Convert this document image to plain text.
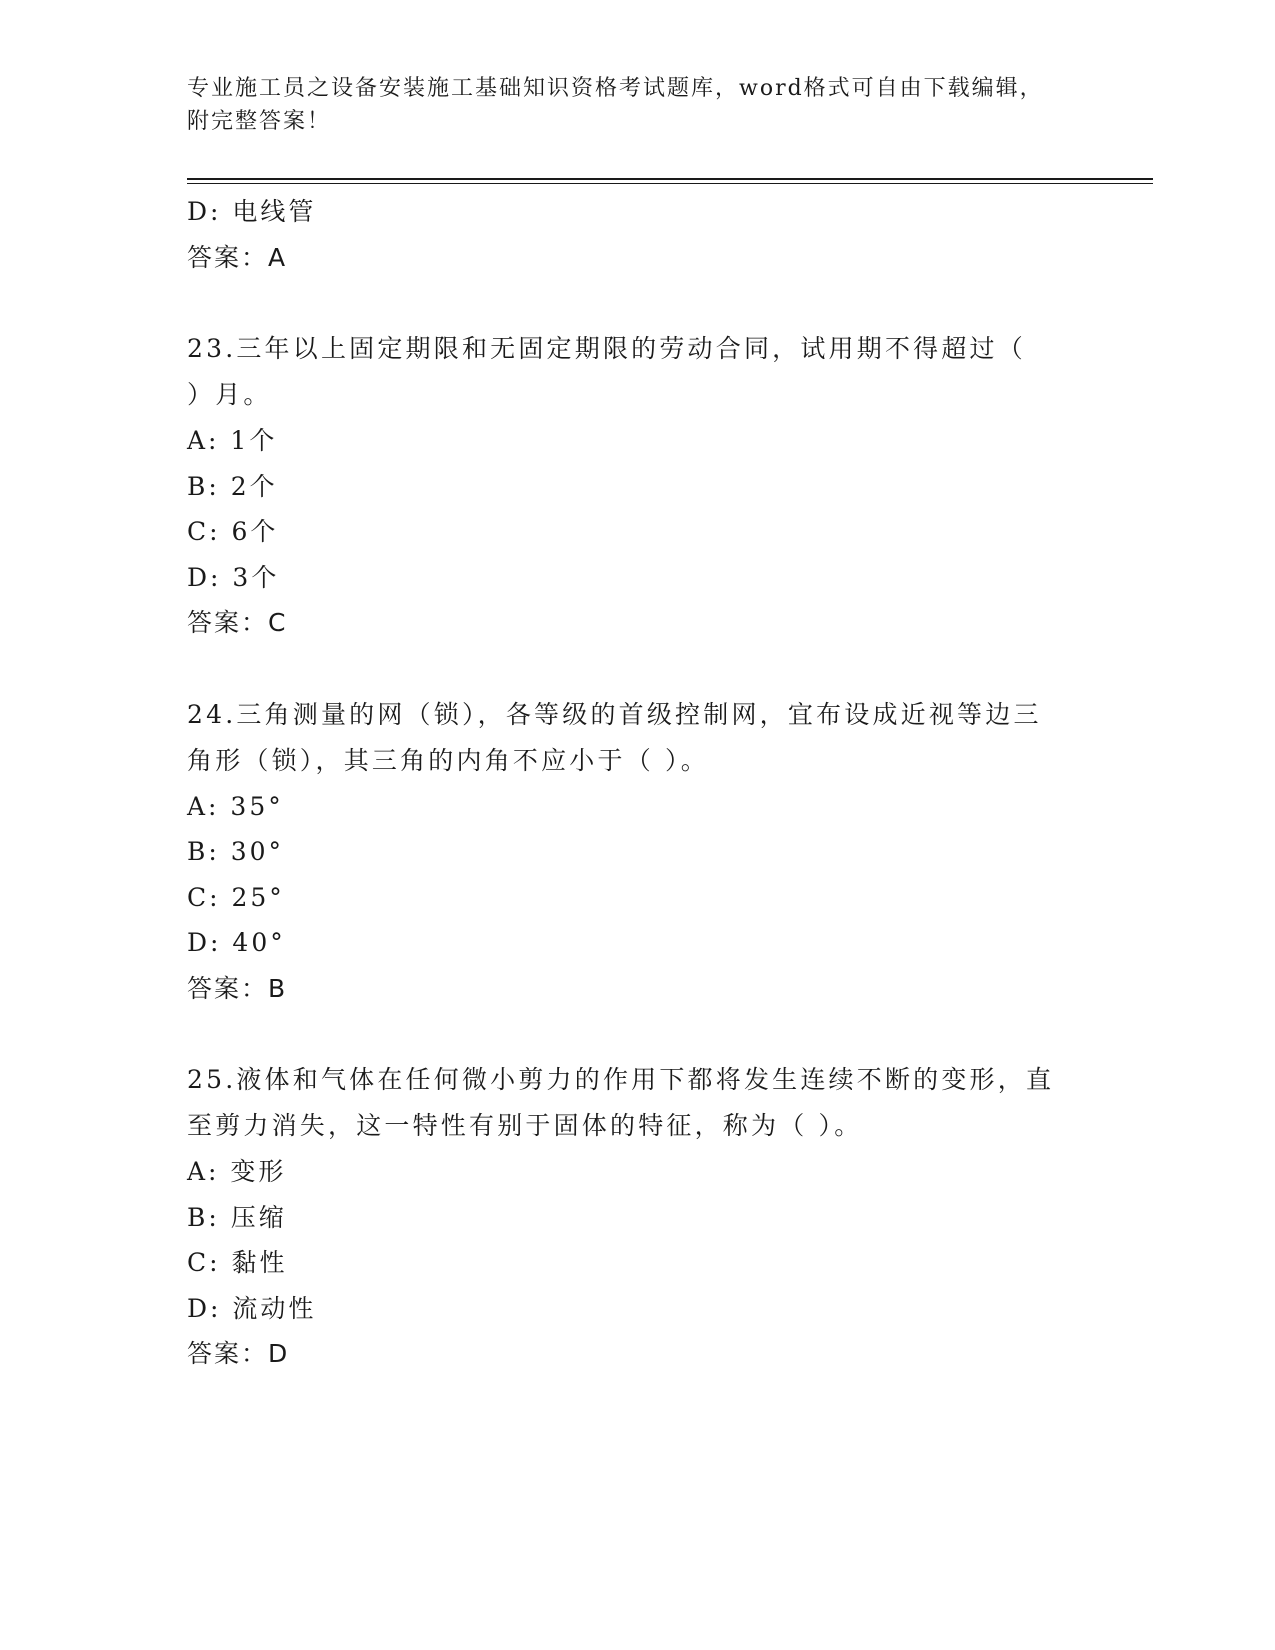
专业施工员之设备安装施工基础知识资格考试题库，word格式可自由下载编辑，
附完整答案！
D: 电线管
答案：A
23.三年以上固定期限和无固定期限的劳动合同，试用期不得超过（
）月。
A: 1个
B: 2个
C: 6个
D: 3个
答案：C
24.三角测量的网（锁），各等级的首级控制网，宜布设成近视等边三
角形（锁），其三角的内角不应小于（ ）。
A: 35°
B: 30°
C: 25°
D: 40°
答案：B
25.液体和气体在任何微小剪力的作用下都将发生连续不断的变形，直
至剪力消失，这一特性有别于固体的特征，称为（ ）。
A: 变形
B: 压缩
C: 黏性
D: 流动性
答案：D
